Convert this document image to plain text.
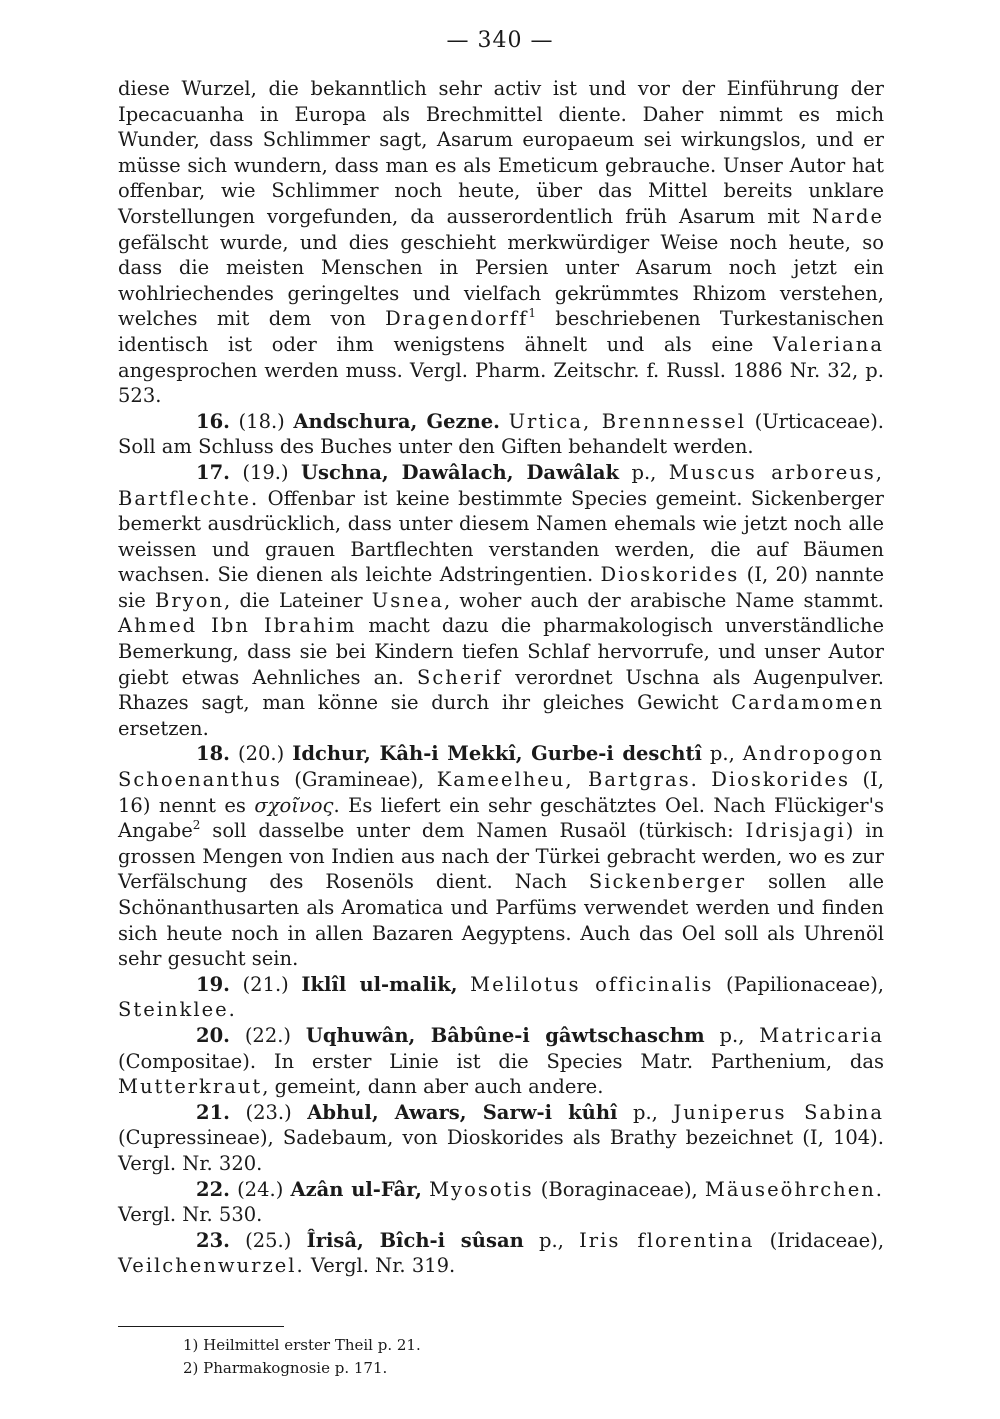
— 340 —

diese Wurzel, die bekanntlich sehr activ ist und vor der Einführung der Ipecacuanha in Europa als Brechmittel diente. Daher nimmt es mich Wunder, dass Schlimmer sagt, Asarum europaeum sei wirkungslos, und er müsse sich wundern, dass man es als Emeticum gebrauche. Unser Autor hat offenbar, wie Schlimmer noch heute, über das Mittel bereits unklare Vorstellungen vorgefunden, da ausserordentlich früh Asarum mit Narde gefälscht wurde, und dies geschieht merkwürdiger Weise noch heute, so dass die meisten Menschen in Persien unter Asarum noch jetzt ein wohlriechendes geringeltes und vielfach gekrümmtes Rhizom verstehen, welches mit dem von Dragendorff$^1$ beschriebenen Turkestanischen identisch ist oder ihm wenigstens ähnelt und als eine Valeriana angesprochen werden muss. Vergl. Pharm. Zeitschr. f. Russl. 1886 Nr. 32, p. 523.

16. (18.) Andschura, Gezne. Urtica, Brennnessel (Urticaceae). Soll am Schluss des Buches unter den Giften behandelt werden.

17. (19.) Uschna, Dawâlach, Dawâlak p., Muscus arboreus, Bartflechte. Offenbar ist keine bestimmte Species gemeint. Sickenberger bemerkt ausdrücklich, dass unter diesem Namen ehemals wie jetzt noch alle weissen und grauen Bartflechten verstanden werden, die auf Bäumen wachsen. Sie dienen als leichte Adstringentien. Dioskorides (I, 20) nannte sie Bryon, die Lateiner Usnea, woher auch der arabische Name stammt. Ahmed Ibn Ibrahim macht dazu die pharmakologisch unverständliche Bemerkung, dass sie bei Kindern tiefen Schlaf hervorrufe, und unser Autor giebt etwas Aehnliches an. Scherif verordnet Uschna als Augenpulver. Rhazes sagt, man könne sie durch ihr gleiches Gewicht Cardamomen ersetzen.

18. (20.) Idchur, Kâh-i Mekkî, Gurbe-i deschtî p., Andropogon Schoenanthus (Gramineae), Kameelheu, Bartgras. Dioskorides (I, 16) nennt es σχοῖνος. Es liefert ein sehr geschätztes Oel. Nach Flückiger's Angabe$^2$ soll dasselbe unter dem Namen Rusaöl (türkisch: Idrisjagi) in grossen Mengen von Indien aus nach der Türkei gebracht werden, wo es zur Verfälschung des Rosenöls dient. Nach Sickenberger sollen alle Schönanthusarten als Aromatica und Parfüms verwendet werden und finden sich heute noch in allen Bazaren Aegyptens. Auch das Oel soll als Uhrenöl sehr gesucht sein.

19. (21.) Iklîl ul-malik, Melilotus officinalis (Papilionaceae), Steinklee.

20. (22.) Uqhuwân, Bâbûne-i gâwtschaschm p., Matricaria (Compositae). In erster Linie ist die Species Matr. Parthenium, das Mutterkraut, gemeint, dann aber auch andere.

21. (23.) Abhul, Awars, Sarw-i kûhî p., Juniperus Sabina (Cupressineae), Sadebaum, von Dioskorides als Brathy bezeichnet (I, 104). Vergl. Nr. 320.

22. (24.) Azân ul-Fâr, Myosotis (Boraginaceae), Mäuseöhrchen. Vergl. Nr. 530.

23. (25.) Îrisâ, Bîch-i sûsan p., Iris florentina (Iridaceae), Veilchenwurzel. Vergl. Nr. 319.

1) Heilmittel erster Theil p. 21.

2) Pharmakognosie p. 171.
